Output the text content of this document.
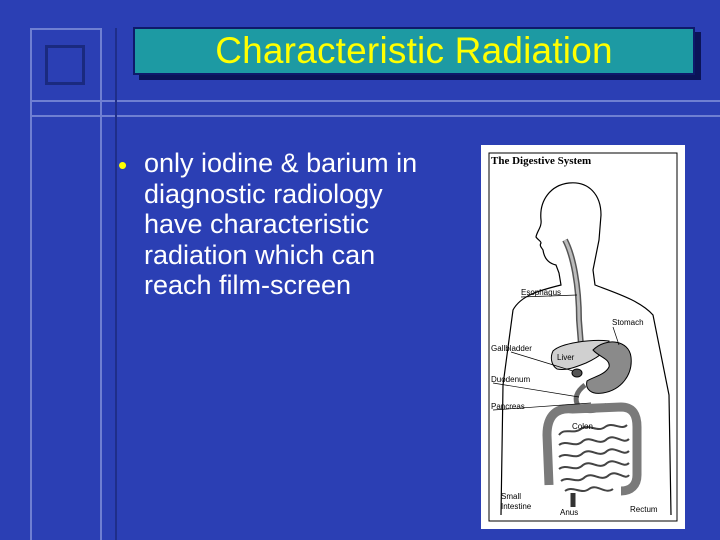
Characteristic Radiation
• only iodine & barium in diagnostic radiology have characteristic radiation which can reach film-screen
The Digestive System
Esophagus
Stomach
Gallbladder
Liver
Duodenum
Pancreas
Colon
Small
Intestine
Anus	Rectum
